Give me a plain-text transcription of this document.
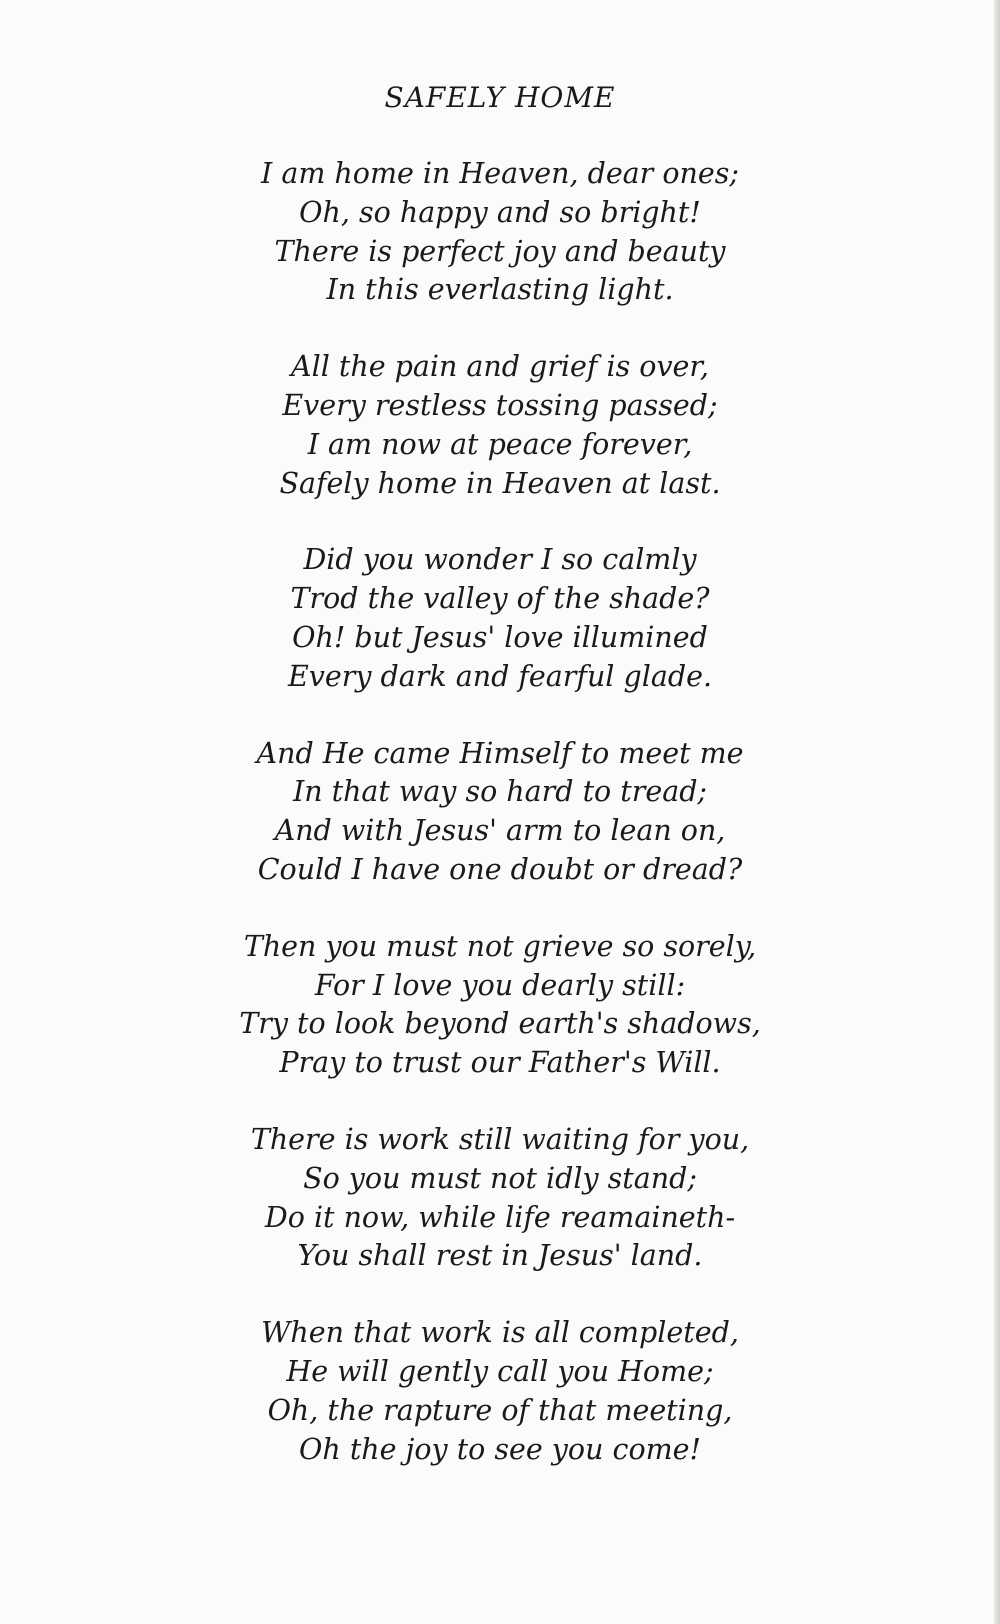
SAFELY HOME
I am home in Heaven, dear ones;
Oh, so happy and so bright!
There is perfect joy and beauty
In this everlasting light.
All the pain and grief is over,
Every restless tossing passed;
I am now at peace forever,
Safely home in Heaven at last.
Did you wonder I so calmly
Trod the valley of the shade?
Oh! but Jesus' love illumined
Every dark and fearful glade.
And He came Himself to meet me
In that way so hard to tread;
And with Jesus' arm to lean on,
Could I have one doubt or dread?
Then you must not grieve so sorely,
For I love you dearly still:
Try to look beyond earth's shadows,
Pray to trust our Father's Will.
There is work still waiting for you,
So you must not idly stand;
Do it now, while life reamaineth-
You shall rest in Jesus' land.
When that work is all completed,
He will gently call you Home;
Oh, the rapture of that meeting,
Oh the joy to see you come!
